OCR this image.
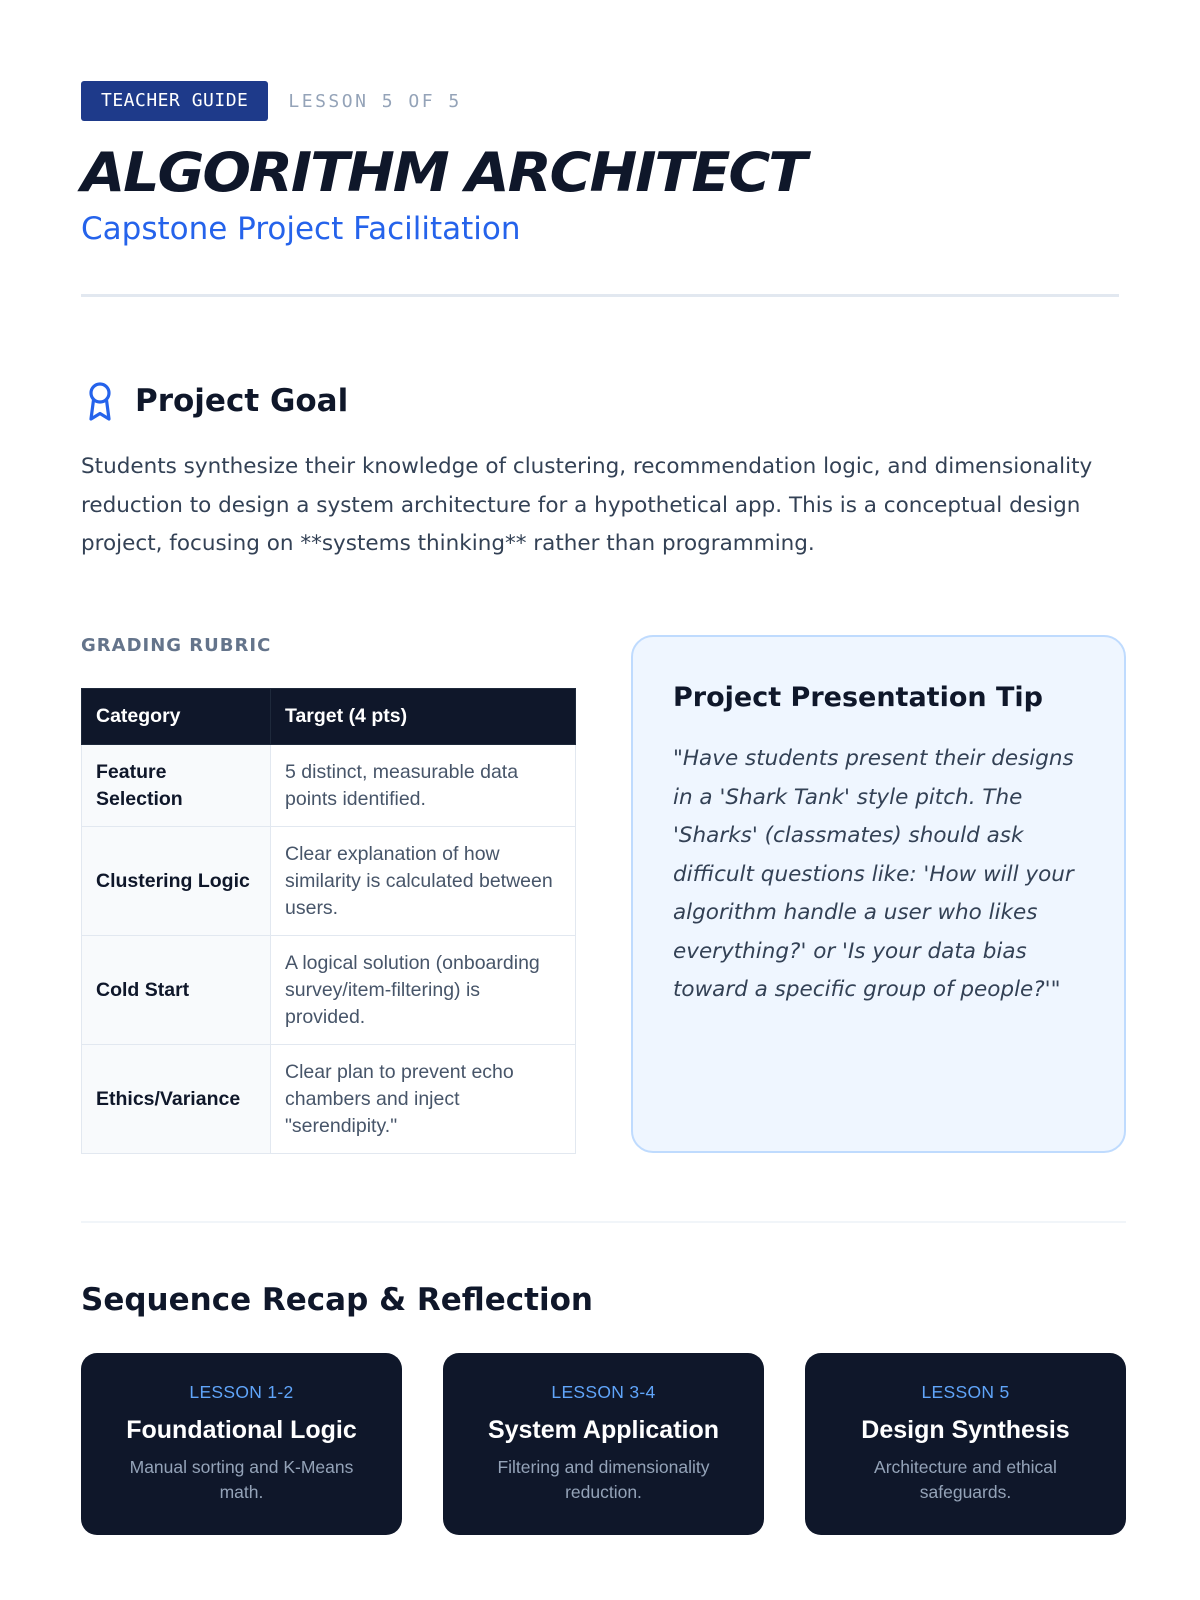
TEACHER GUIDE	LESSON 5 OF 5
ALGORITHM ARCHITECT
Capstone Project Facilitation
Project Goal

Students synthesize their knowledge of clustering, recommendation logic, and dimensionality reduction to design a system architecture for a hypothetical app. This is a conceptual design project, focusing on **systems thinking** rather than programming.

GRADING RUBRIC
Category	Target (4 pts)
Feature Selection	5 distinct, measurable data points identified.
Clustering Logic	Clear explanation of how similarity is calculated between users.
Cold Start	A logical solution (onboarding survey/item-filtering) is provided.
Ethics/Variance	Clear plan to prevent echo chambers and inject "serendipity."
Project Presentation Tip

"Have students present their designs in a 'Shark Tank' style pitch. The 'Sharks' (classmates) should ask difficult questions like: 'How will your algorithm handle a user who likes everything?' or 'Is your data bias toward a specific group of people?'"

Sequence Recap & Reflection
LESSON 1-2
Foundational Logic
Manual sorting and K-Means math.
LESSON 3-4
System Application
Filtering and dimensionality reduction.
LESSON 5
Design Synthesis
Architecture and ethical safeguards.
